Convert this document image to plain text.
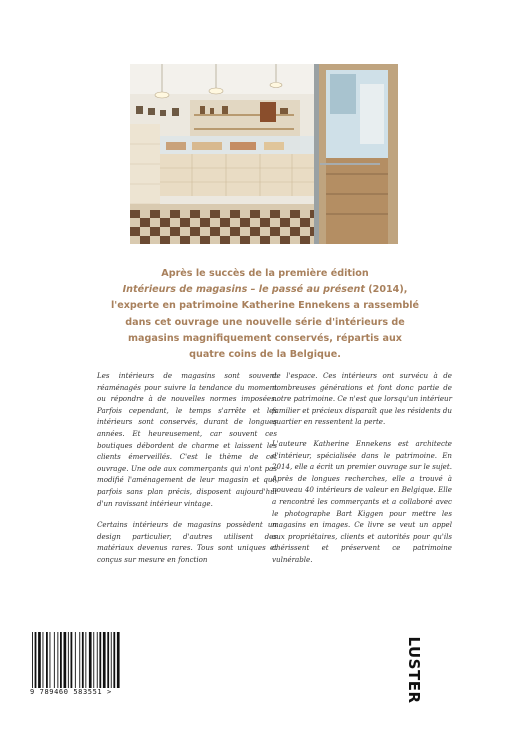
Après le succès de la première édition
Intérieurs de magasins – le passé au présent (2014),
l'experte en patrimoine Katherine Ennekens a rassemblé dans cet ouvrage une nouvelle série d'intérieurs de magasins magnifiquement conservés, répartis aux quatre coins de la Belgique.

Les intérieurs de magasins sont souvent réaménagés pour suivre la tendance du moment ou répondre à de nouvelles normes imposées. Parfois cependant, le temps s'arrête et les intérieurs sont conservés, durant de longues années. Et heureusement, car souvent ces boutiques débordent de charme et laissent les clients émerveillés. C'est le thème de cet ouvrage. Une ode aux commerçants qui n'ont pas modifié l'aménagement de leur magasin et qui, parfois sans plan précis, disposent aujourd'hui d'un ravissant intérieur vintage.

Certains intérieurs de magasins possèdent un design particulier, d'autres utilisent des matériaux devenus rares. Tous sont uniques et conçus sur mesure en fonction

de l'espace. Ces intérieurs ont survécu à de nombreuses générations et font donc partie de notre patrimoine. Ce n'est que lorsqu'un intérieur familier et précieux disparaît que les résidents du quartier en ressentent la perte.

L'auteure Katherine Ennekens est architecte d'intérieur, spécialisée dans le patrimoine. En 2014, elle a écrit un premier ouvrage sur le sujet. Après de longues recherches, elle a trouvé à nouveau 40 intérieurs de valeur en Belgique. Elle a rencontré les commerçants et a collaboré avec le photographe Bart Kiggen pour mettre les magasins en images. Ce livre se veut un appel aux propriétaires, clients et autorités pour qu'ils chérissent et préservent ce patrimoine vulnérable.

9 789460 583551 >	LUSTER
